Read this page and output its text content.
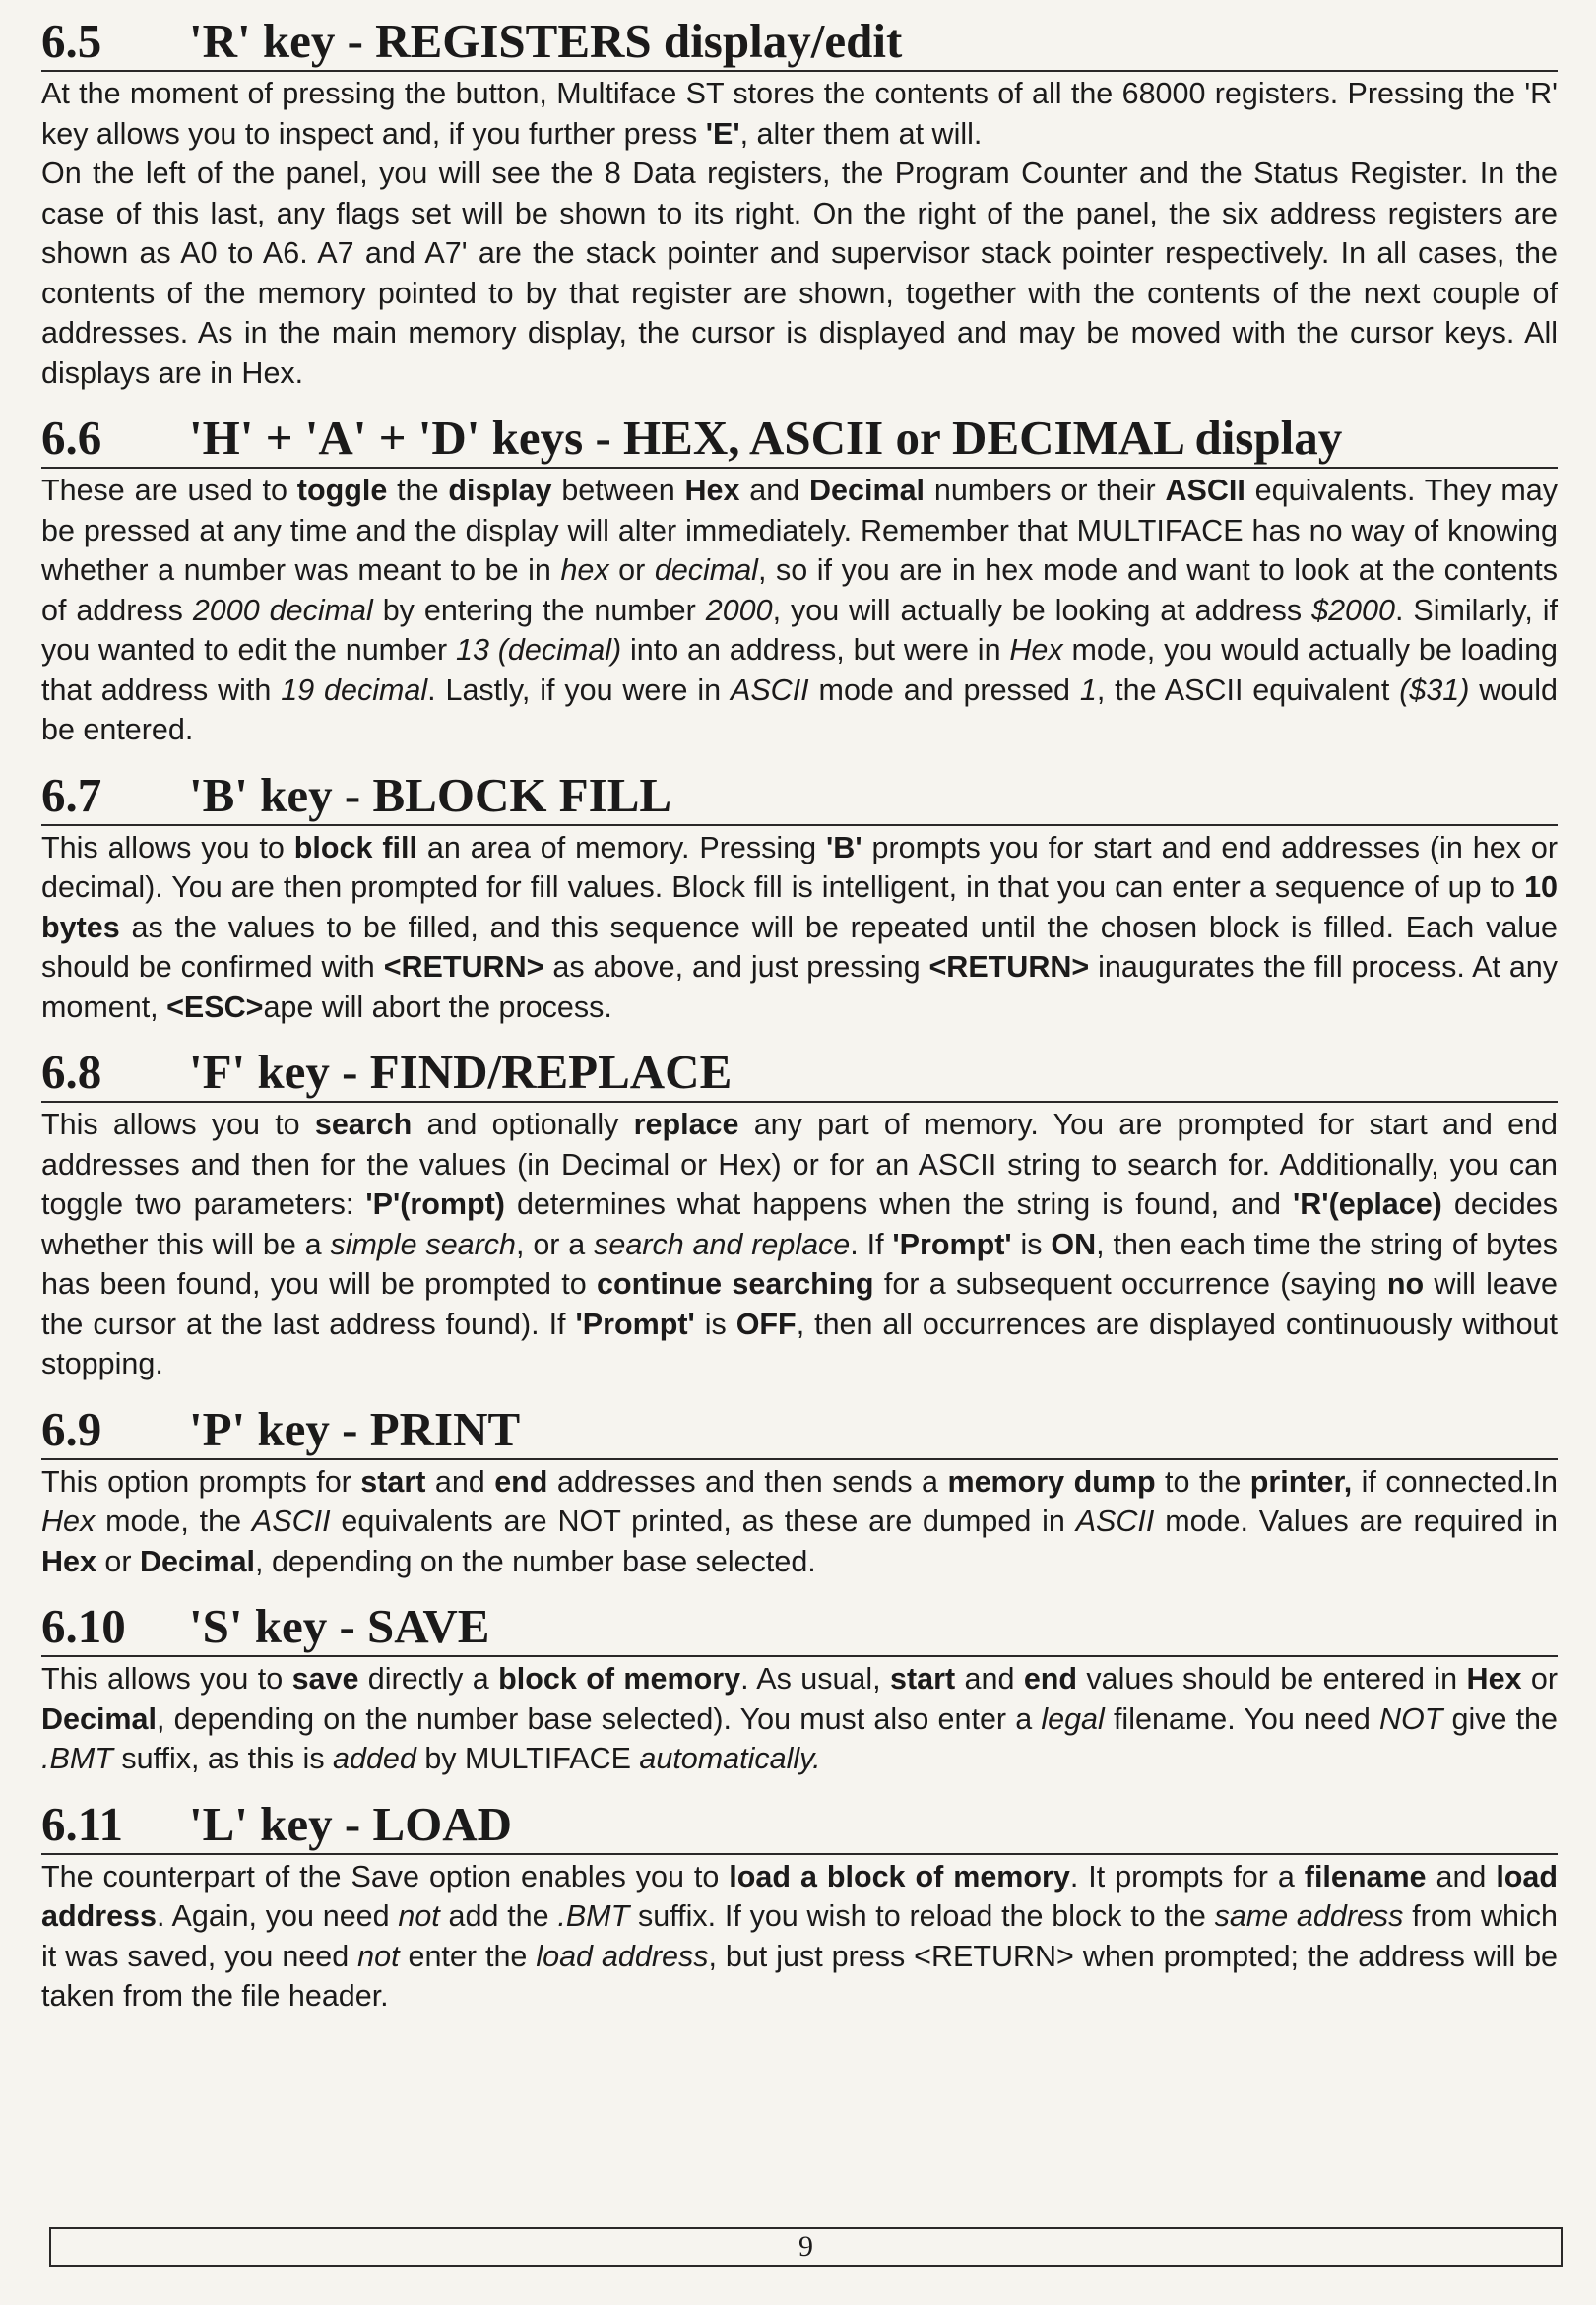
6.5 'R' key - REGISTERS display/edit

At the moment of pressing the button, Multiface ST stores the contents of all the 68000 registers. Pressing the 'R' key allows you to inspect and, if you further press 'E', alter them at will.

On the left of the panel, you will see the 8 Data registers, the Program Counter and the Status Register. In the case of this last, any flags set will be shown to its right. On the right of the panel, the six address registers are shown as A0 to A6. A7 and A7' are the stack pointer and supervisor stack pointer respectively. In all cases, the contents of the memory pointed to by that register are shown, together with the contents of the next couple of addresses. As in the main memory display, the cursor is displayed and may be moved with the cursor keys. All displays are in Hex.

6.6 'H' + 'A' + 'D' keys - HEX, ASCII or DECIMAL display

These are used to toggle the display between Hex and Decimal numbers or their ASCII equivalents. They may be pressed at any time and the display will alter immediately. Remember that MULTIFACE has no way of knowing whether a number was meant to be in hex or decimal, so if you are in hex mode and want to look at the contents of address 2000 decimal by entering the number 2000, you will actually be looking at address $2000. Similarly, if you wanted to edit the number 13 (decimal) into an address, but were in Hex mode, you would actually be loading that address with 19 decimal. Lastly, if you were in ASCII mode and pressed 1, the ASCII equivalent ($31) would be entered.

6.7 'B' key - BLOCK FILL

This allows you to block fill an area of memory. Pressing 'B' prompts you for start and end addresses (in hex or decimal). You are then prompted for fill values. Block fill is intelligent, in that you can enter a sequence of up to 10 bytes as the values to be filled, and this sequence will be repeated until the chosen block is filled. Each value should be confirmed with <RETURN> as above, and just pressing <RETURN> inaugurates the fill process. At any moment, <ESC>ape will abort the process.

6.8 'F' key - FIND/REPLACE

This allows you to search and optionally replace any part of memory. You are prompted for start and end addresses and then for the values (in Decimal or Hex) or for an ASCII string to search for. Additionally, you can toggle two parameters: 'P'(rompt) determines what happens when the string is found, and 'R'(eplace) decides whether this will be a simple search, or a search and replace. If 'Prompt' is ON, then each time the string of bytes has been found, you will be prompted to continue searching for a subsequent occurrence (saying no will leave the cursor at the last address found). If 'Prompt' is OFF, then all occurrences are displayed continuously without stopping.

6.9 'P' key - PRINT

This option prompts for start and end addresses and then sends a memory dump to the printer, if connected.In Hex mode, the ASCII equivalents are NOT printed, as these are dumped in ASCII mode. Values are required in Hex or Decimal, depending on the number base selected.

6.10 'S' key - SAVE

This allows you to save directly a block of memory. As usual, start and end values should be entered in Hex or Decimal, depending on the number base selected). You must also enter a legal filename. You need NOT give the .BMT suffix, as this is added by MULTIFACE automatically.

6.11 'L' key - LOAD

The counterpart of the Save option enables you to load a block of memory. It prompts for a filename and load address. Again, you need not add the .BMT suffix. If you wish to reload the block to the same address from which it was saved, you need not enter the load address, but just press <RETURN> when prompted; the address will be taken from the file header.

9
